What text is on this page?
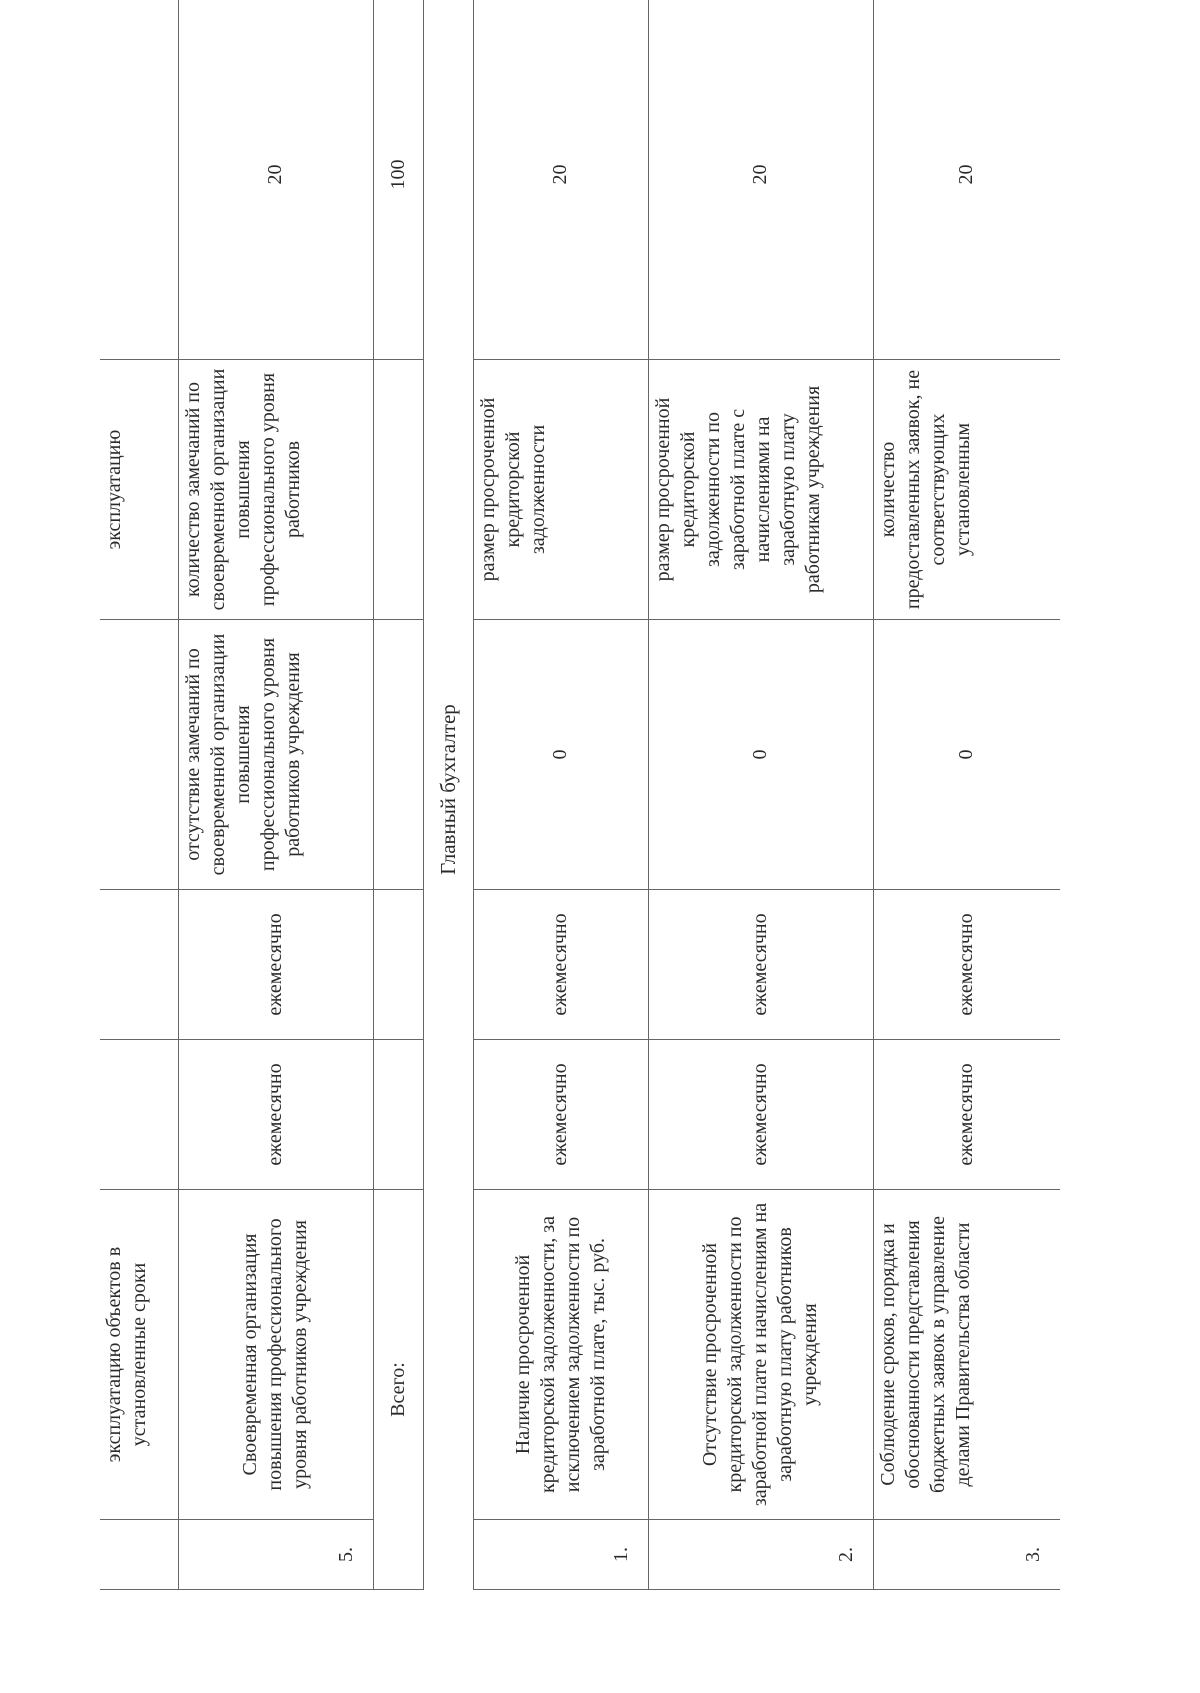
	эксплуатацию объектов в установленные сроки				эксплуатацию	
5.	Своевременная организация повышения профессионального уровня работников учреждения	ежемесячно	ежемесячно	отсутствие замечаний по своевременной организации повышения профессионального уровня работников учреждения	количество замечаний по своевременной организации повышения профессионального уровня работников	20
Всего:						100
Главный бухгалтер						
1.	Наличие просроченной кредиторской задолженности, за исключением задолженности по заработной плате, тыс. руб.	ежемесячно	ежемесячно	0	размер просроченной кредиторской задолженности	20
2.	Отсутствие просроченной кредиторской задолженности по заработной плате и начислениям на заработную плату работников учреждения	ежемесячно	ежемесячно	0	размер просроченной кредиторской задолженности по заработной плате с начислениями на заработную плату работникам учреждения	20
3.	Соблюдение сроков, порядка и обоснованности представления бюджетных заявок в управление делами Правительства области	ежемесячно	ежемесячно	0	количество предоставленных заявок, не соответствующих установленным	20
